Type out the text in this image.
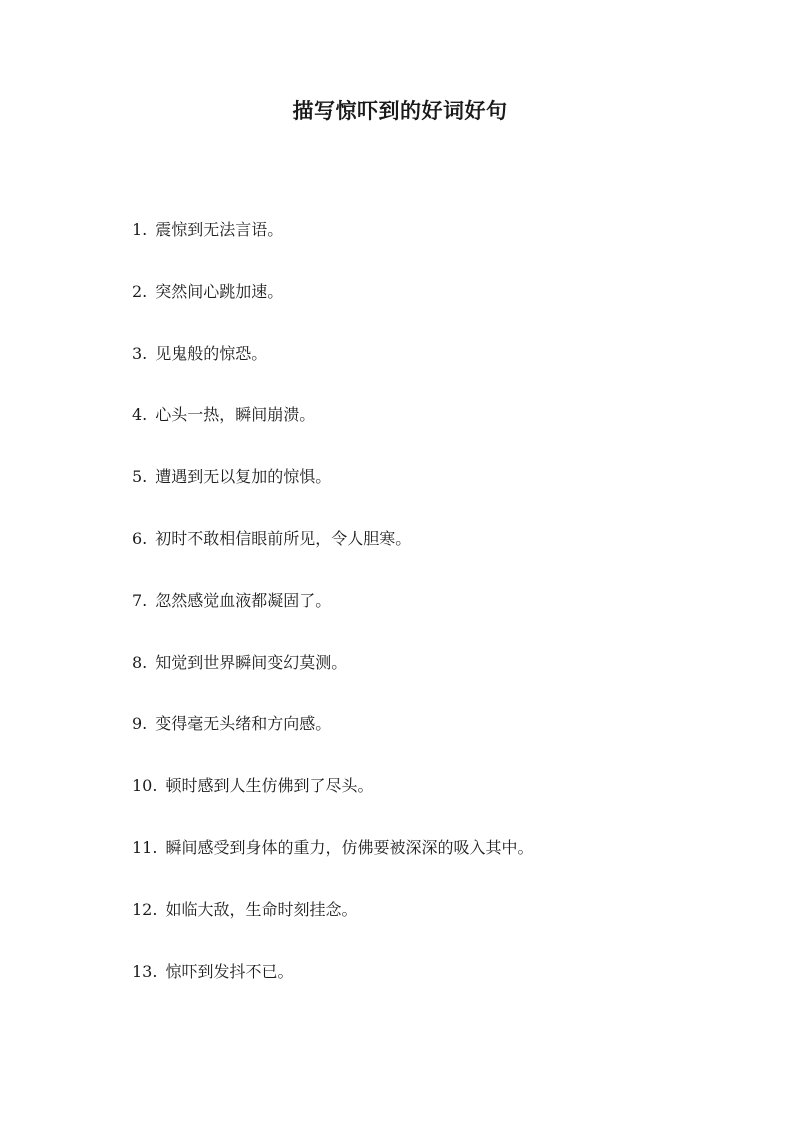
描写惊吓到的好词好句
1. 震惊到无法言语。
2. 突然间心跳加速。
3. 见鬼般的惊恐。
4. 心头一热，瞬间崩溃。
5. 遭遇到无以复加的惊惧。
6. 初时不敢相信眼前所见，令人胆寒。
7. 忽然感觉血液都凝固了。
8. 知觉到世界瞬间变幻莫测。
9. 变得毫无头绪和方向感。
10. 顿时感到人生仿佛到了尽头。
11. 瞬间感受到身体的重力，仿佛要被深深的吸入其中。
12. 如临大敌，生命时刻挂念。
13. 惊吓到发抖不已。
